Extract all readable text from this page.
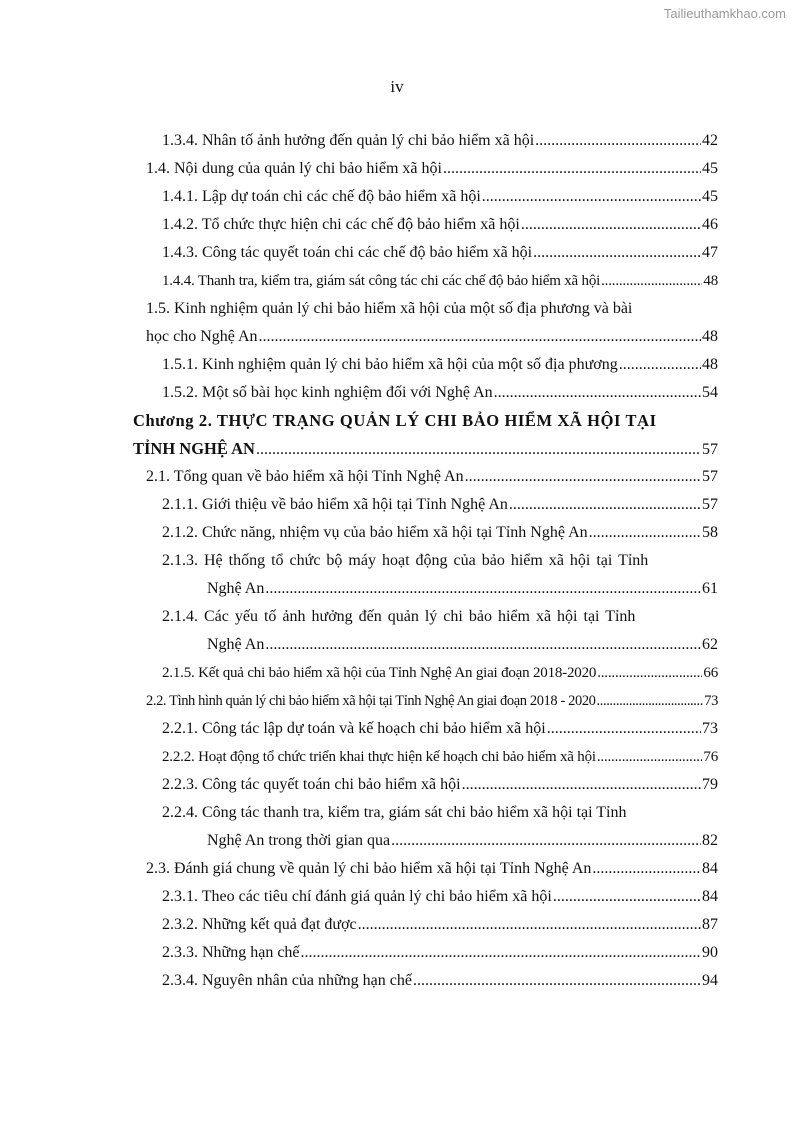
Tailieuthamkhao.com
iv
1.3.4. Nhân tố ảnh hưởng đến quản lý chi bảo hiểm xã hội .....	42
1.4. Nội dung của quản lý chi bảo hiểm xã hội .....	45
1.4.1. Lập dự toán chi các chế độ bảo hiểm xã hội .....	45
1.4.2. Tổ chức thực hiện chi các chế độ bảo hiểm xã hội .....	46
1.4.3. Công tác quyết toán chi các chế độ bảo hiểm xã hội .....	47
1.4.4. Thanh tra, kiểm tra, giám sát công tác chi các chế độ bảo hiểm xã hội .....	48
1.5. Kinh nghiệm quản lý chi bảo hiểm xã hội của một số địa phương và bài
học cho Nghệ An .....	48
1.5.1. Kinh nghiệm quản lý chi bảo hiểm xã hội của một số địa phương .....	48
1.5.2. Một số bài học kinh nghiệm đối với Nghệ An .....	54
Chương 2. THỰC TRẠNG QUẢN LÝ CHI BẢO HIỂM XÃ HỘI TẠI
TỈNH NGHỆ AN .....	57
2.1. Tổng quan về bảo hiểm xã hội Tỉnh Nghệ An .....	57
2.1.1. Giới thiệu về bảo hiểm xã hội tại Tỉnh Nghệ An .....	57
2.1.2. Chức năng, nhiệm vụ của bảo hiểm xã hội tại Tỉnh Nghệ An .....	58
2.1.3. Hệ thống tổ chức bộ máy hoạt động của bảo hiểm xã hội tại Tỉnh
Nghệ An .....	61
2.1.4. Các yếu tố ảnh hưởng đến quản lý chi bảo hiểm xã hội tại Tỉnh
Nghệ An .....	62
2.1.5. Kết quả chi bảo hiểm xã hội của Tỉnh Nghệ An giai đoạn 2018-2020 .....	66
2.2. Tình hình quản lý chi bảo hiểm xã hội tại Tỉnh Nghệ An giai đoạn 2018 - 2020 .....	73
2.2.1. Công tác lập dự toán và kế hoạch chi bảo hiểm xã hội .....	73
2.2.2. Hoạt động tổ chức triển khai thực hiện kế hoạch chi bảo hiểm xã hội .....	76
2.2.3. Công tác quyết toán chi bảo hiểm xã hội .....	79
2.2.4. Công tác thanh tra, kiểm tra, giám sát chi bảo hiểm xã hội tại Tỉnh
Nghệ An trong thời gian qua .....	82
2.3. Đánh giá chung về quản lý chi bảo hiểm xã hội tại Tỉnh Nghệ An .....	84
2.3.1. Theo các tiêu chí đánh giá quản lý chi bảo hiểm xã hội .....	84
2.3.2. Những kết quả đạt được .....	87
2.3.3. Những hạn chế .....	90
2.3.4. Nguyên nhân của những hạn chế .....	94
